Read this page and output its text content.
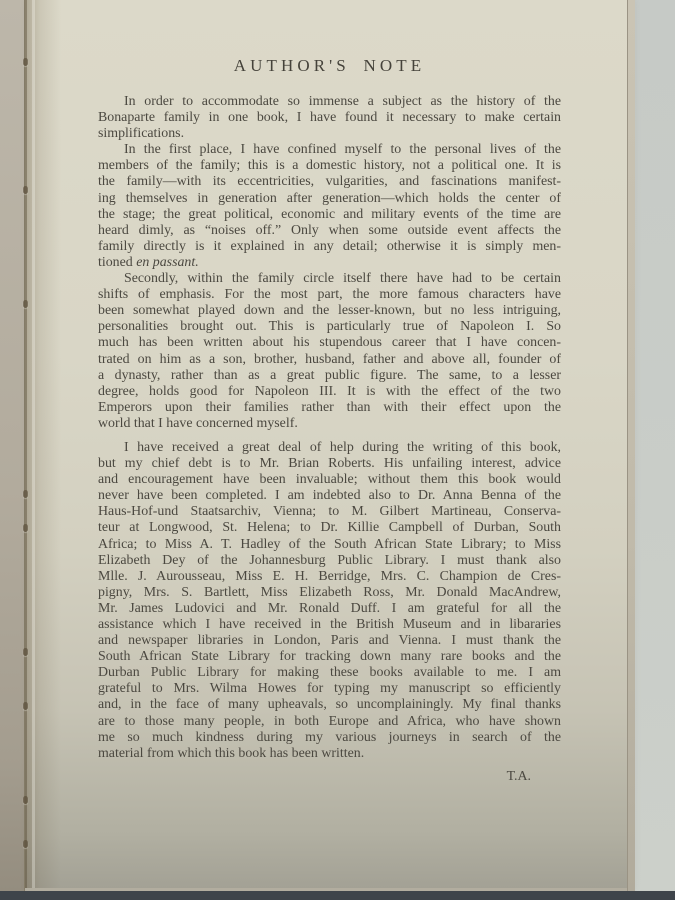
AUTHOR'S NOTE
In order to accommodate so immense a subject as the history of the
Bonaparte family in one book, I have found it necessary to make certain
simplifications.
In the first place, I have confined myself to the personal lives of the
members of the family; this is a domestic history, not a political one. It is
the family—with its eccentricities, vulgarities, and fascinations manifest-
ing themselves in generation after generation—which holds the center of
the stage; the great political, economic and military events of the time are
heard dimly, as “noises off.” Only when some outside event affects the
family directly is it explained in any detail; otherwise it is simply men-
tioned en passant.
Secondly, within the family circle itself there have had to be certain
shifts of emphasis. For the most part, the more famous characters have
been somewhat played down and the lesser-known, but no less intriguing,
personalities brought out. This is particularly true of Napoleon I. So
much has been written about his stupendous career that I have concen-
trated on him as a son, brother, husband, father and above all, founder of
a dynasty, rather than as a great public figure. The same, to a lesser
degree, holds good for Napoleon III. It is with the effect of the two
Emperors upon their families rather than with their effect upon the
world that I have concerned myself.
I have received a great deal of help during the writing of this book,
but my chief debt is to Mr. Brian Roberts. His unfailing interest, advice
and encouragement have been invaluable; without them this book would
never have been completed. I am indebted also to Dr. Anna Benna of the
Haus-Hof-und Staatsarchiv, Vienna; to M. Gilbert Martineau, Conserva-
teur at Longwood, St. Helena; to Dr. Killie Campbell of Durban, South
Africa; to Miss A. T. Hadley of the South African State Library; to Miss
Elizabeth Dey of the Johannesburg Public Library. I must thank also
Mlle. J. Aurousseau, Miss E. H. Berridge, Mrs. C. Champion de Cres-
pigny, Mrs. S. Bartlett, Miss Elizabeth Ross, Mr. Donald MacAndrew,
Mr. James Ludovici and Mr. Ronald Duff. I am grateful for all the
assistance which I have received in the British Museum and in libararies
and newspaper libraries in London, Paris and Vienna. I must thank the
South African State Library for tracking down many rare books and the
Durban Public Library for making these books available to me. I am
grateful to Mrs. Wilma Howes for typing my manuscript so efficiently
and, in the face of many upheavals, so uncomplainingly. My final thanks
are to those many people, in both Europe and Africa, who have shown
me so much kindness during my various journeys in search of the
material from which this book has been written.
T.A.
